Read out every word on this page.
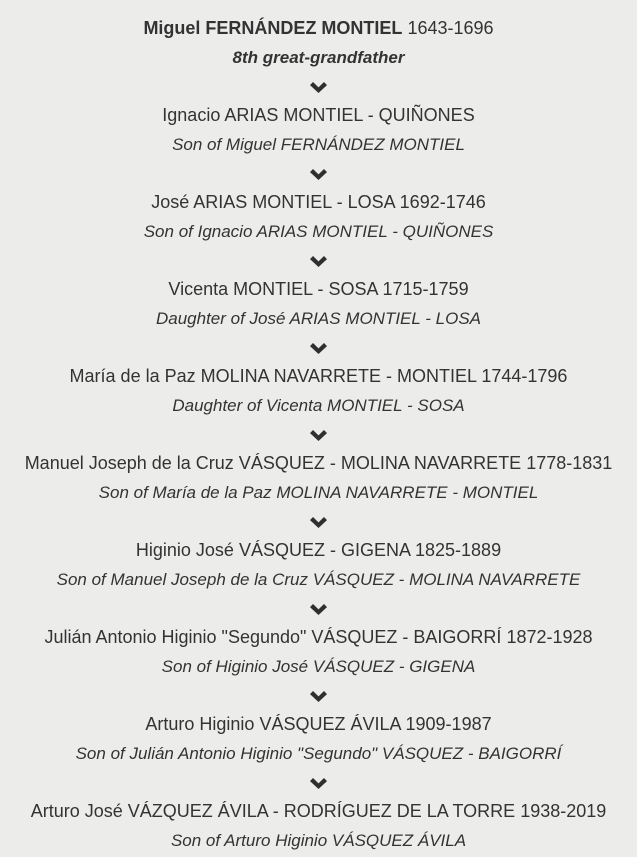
Miguel FERNÁNDEZ MONTIEL 1643-1696
8th great-grandfather
Ignacio ARIAS MONTIEL - QUIÑONES
Son of Miguel FERNÁNDEZ MONTIEL
José ARIAS MONTIEL - LOSA 1692-1746
Son of Ignacio ARIAS MONTIEL - QUIÑONES
Vicenta MONTIEL - SOSA 1715-1759
Daughter of José ARIAS MONTIEL - LOSA
María de la Paz MOLINA NAVARRETE - MONTIEL 1744-1796
Daughter of Vicenta MONTIEL - SOSA
Manuel Joseph de la Cruz VÁSQUEZ - MOLINA NAVARRETE 1778-1831
Son of María de la Paz MOLINA NAVARRETE - MONTIEL
Higinio José VÁSQUEZ - GIGENA 1825-1889
Son of Manuel Joseph de la Cruz VÁSQUEZ - MOLINA NAVARRETE
Julián Antonio Higinio "Segundo" VÁSQUEZ - BAIGORRÍ 1872-1928
Son of Higinio José VÁSQUEZ - GIGENA
Arturo Higinio VÁSQUEZ ÁVILA 1909-1987
Son of Julián Antonio Higinio "Segundo" VÁSQUEZ - BAIGORRÍ
Arturo José VÁZQUEZ ÁVILA - RODRÍGUEZ DE LA TORRE 1938-2019
Son of Arturo Higinio VÁSQUEZ ÁVILA
